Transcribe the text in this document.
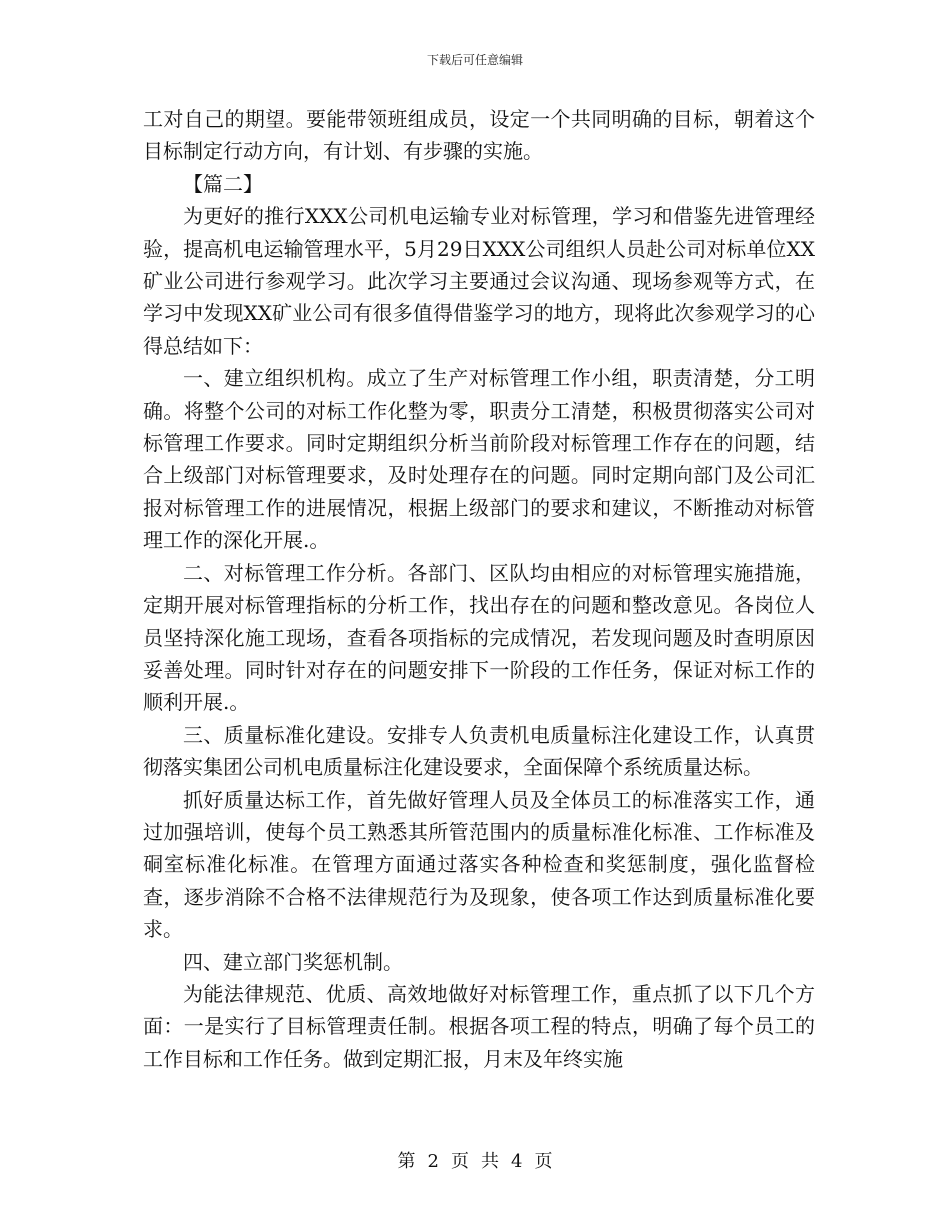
下载后可任意编辑

工对自己的期望。要能带领班组成员，设定一个共同明确的目标，朝着这个目标制定行动方向，有计划、有步骤的实施。

【篇二】

为更好的推行XXX公司机电运输专业对标管理，学习和借鉴先进管理经验，提高机电运输管理水平，5月29日XXX公司组织人员赴公司对标单位XX矿业公司进行参观学习。此次学习主要通过会议沟通、现场参观等方式，在学习中发现XX矿业公司有很多值得借鉴学习的地方，现将此次参观学习的心得总结如下：

一、建立组织机构。成立了生产对标管理工作小组，职责清楚，分工明确。将整个公司的对标工作化整为零，职责分工清楚，积极贯彻落实公司对标管理工作要求。同时定期组织分析当前阶段对标管理工作存在的问题，结合上级部门对标管理要求，及时处理存在的问题。同时定期向部门及公司汇报对标管理工作的进展情况，根据上级部门的要求和建议，不断推动对标管理工作的深化开展.。

二、对标管理工作分析。各部门、区队均由相应的对标管理实施措施，定期开展对标管理指标的分析工作，找出存在的问题和整改意见。各岗位人员坚持深化施工现场，查看各项指标的完成情况，若发现问题及时查明原因妥善处理。同时针对存在的问题安排下一阶段的工作任务，保证对标工作的顺利开展.。

三、质量标准化建设。安排专人负责机电质量标注化建设工作，认真贯彻落实集团公司机电质量标注化建设要求，全面保障个系统质量达标。

抓好质量达标工作，首先做好管理人员及全体员工的标准落实工作，通过加强培训，使每个员工熟悉其所管范围内的质量标准化标准、工作标准及硐室标准化标准。在管理方面通过落实各种检查和奖惩制度，强化监督检查，逐步消除不合格不法律规范行为及现象，使各项工作达到质量标准化要求。

四、建立部门奖惩机制。

为能法律规范、优质、高效地做好对标管理工作，重点抓了以下几个方面：一是实行了目标管理责任制。根据各项工程的特点，明确了每个员工的工作目标和工作任务。做到定期汇报，月末及年终实施

第 2 页 共 4 页
